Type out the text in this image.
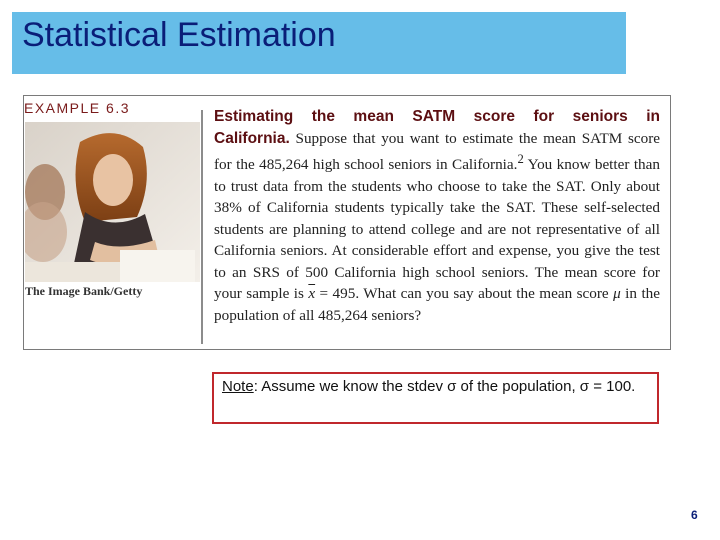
Statistical Estimation
EXAMPLE 6.3
The Image Bank/Getty
Estimating the mean SATM score for seniors in California. Suppose that you want to estimate the mean SATM score for the 485,264 high school seniors in California.$^2$ You know better than to trust data from the students who choose to take the SAT. Only about 38% of California students typically take the SAT. These self-selected students are planning to attend college and are not representative of all California seniors. At considerable effort and expense, you give the test to an SRS of 500 California high school seniors. The mean score for your sample is $\overline{x} = 495$. What can you say about the mean score μ in the population of all 485,264 seniors?
Note: Assume we know the stdev σ of the population, σ = 100.
6
